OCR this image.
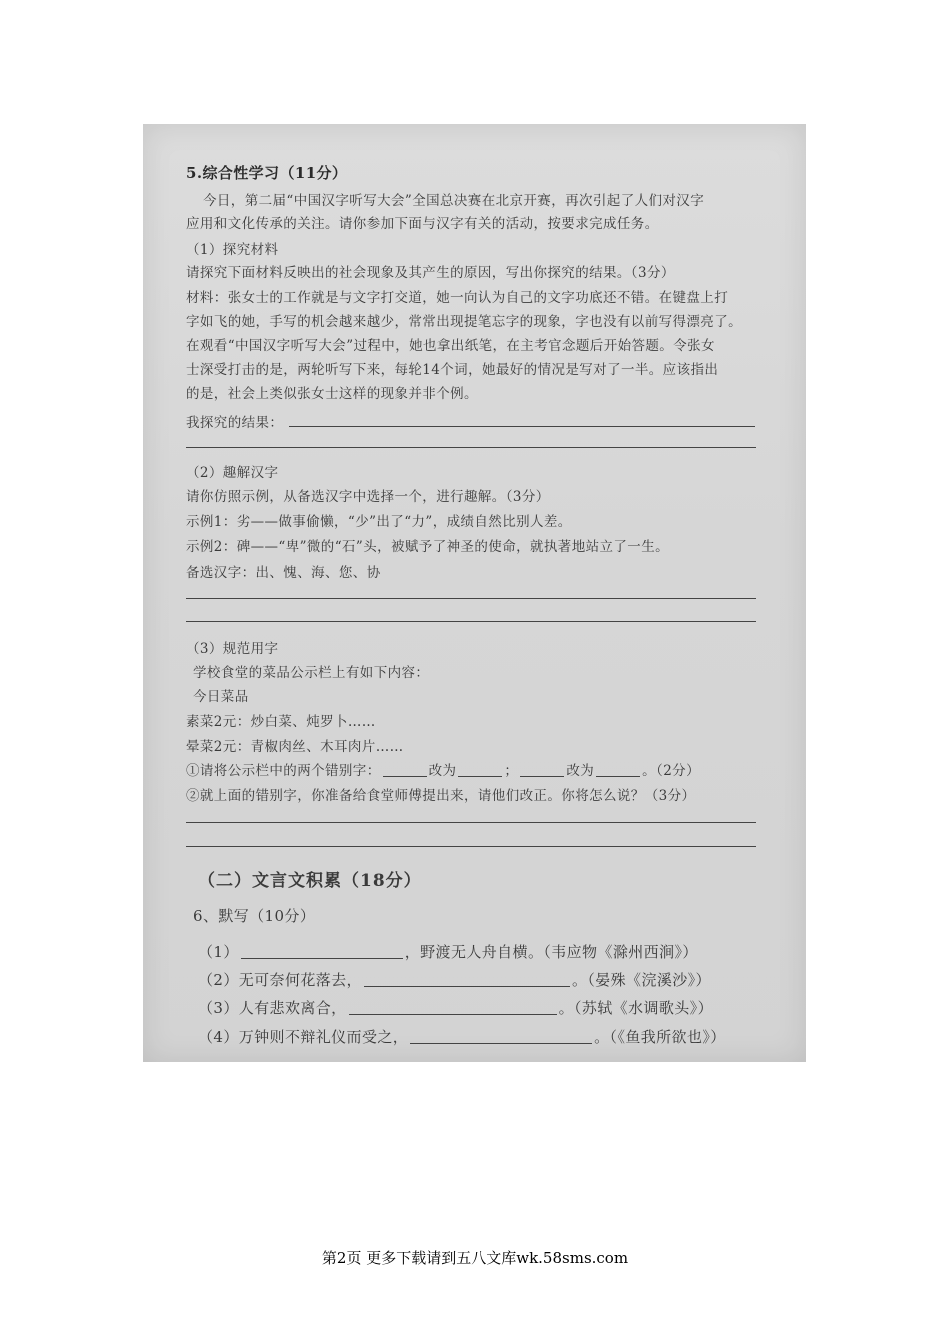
5.综合性学习（11分）
今日，第二届“中国汉字听写大会”全国总决赛在北京开赛，再次引起了人们对汉字
应用和文化传承的关注。请你参加下面与汉字有关的活动，按要求完成任务。
（1）探究材料
请探究下面材料反映出的社会现象及其产生的原因，写出你探究的结果。（3分）
材料：张女士的工作就是与文字打交道，她一向认为自己的文字功底还不错。在键盘上打
字如飞的她，手写的机会越来越少，常常出现提笔忘字的现象，字也没有以前写得漂亮了。
在观看“中国汉字听写大会”过程中，她也拿出纸笔，在主考官念题后开始答题。令张女
士深受打击的是，两轮听写下来，每轮14个词，她最好的情况是写对了一半。应该指出
的是，社会上类似张女士这样的现象并非个例。
我探究的结果：
（2）趣解汉字
请你仿照示例，从备选汉字中选择一个，进行趣解。（3分）
示例1：劣——做事偷懒，“少”出了“力”，成绩自然比别人差。
示例2：碑——“卑”微的“石”头，被赋予了神圣的使命，就执著地站立了一生。
备选汉字：出、愧、海、您、协
（3）规范用字
学校食堂的菜品公示栏上有如下内容：
今日菜品
素菜2元：炒白菜、炖罗卜……
晕菜2元：青椒肉丝、木耳肉片……
①请将公示栏中的两个错别字：	改为	；	改为	。（2分）
②就上面的错别字，你准备给食堂师傅提出来，请他们改正。你将怎么说？（3分）
（二）文言文积累（18分）
6、默写（10分）
（1）	，野渡无人舟自横。（韦应物《滁州西涧》）
（2）无可奈何花落去，	。（晏殊《浣溪沙》）
（3）人有悲欢离合，	。（苏轼《水调歌头》）
（4）万钟则不辩礼仪而受之，	。（《鱼我所欲也》）
第2页 更多下载请到五八文库wk.58sms.com
